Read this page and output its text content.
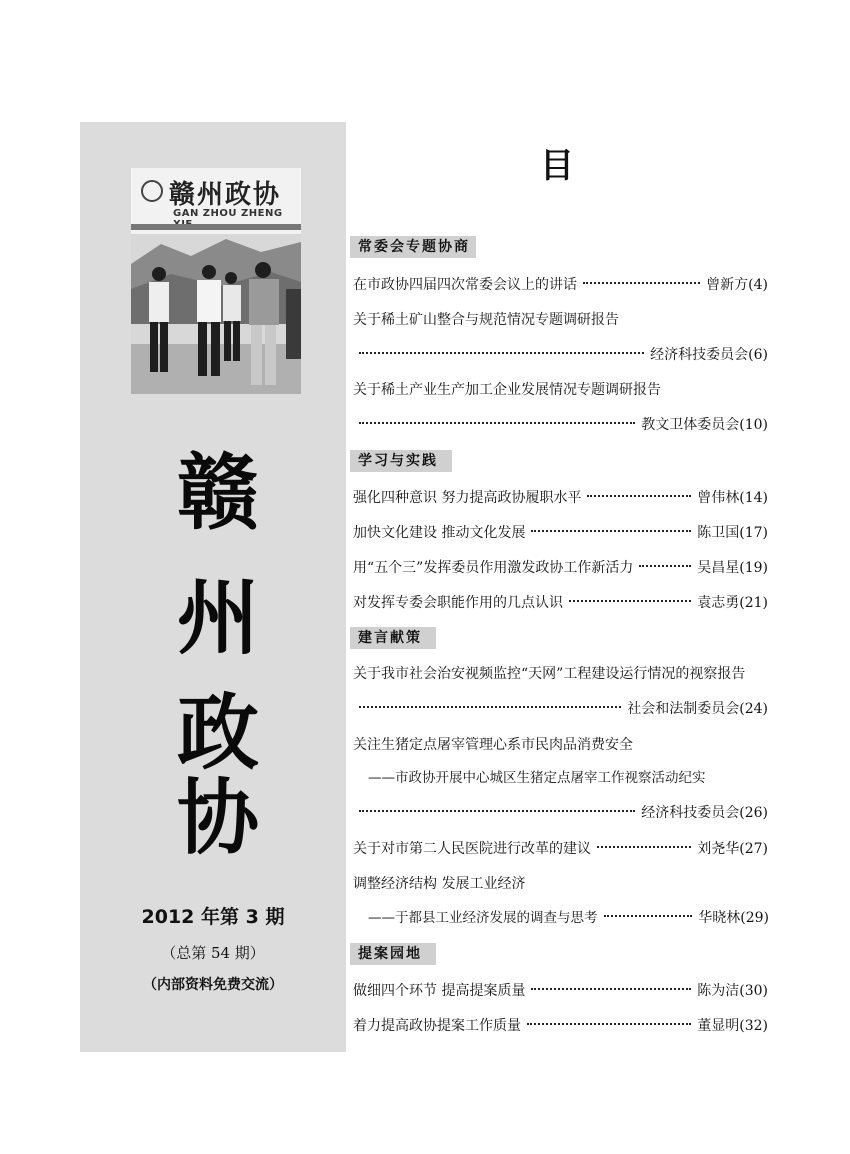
赣州政协
GAN ZHOU ZHENG
赣
州
政
协
2012 年第 3 期
（总第 54 期）
（内部资料免费交流）
目
常委会专题协商
在市政协四届四次常委会议上的讲话	曾新方(4)
关于稀土矿山整合与规范情况专题调研报告
经济科技委员会(6)
关于稀土产业生产加工企业发展情况专题调研报告
教文卫体委员会(10)
学习与实践
强化四种意识 努力提高政协履职水平	曾伟林(14)
加快文化建设 推动文化发展	陈卫国(17)
用“五个三”发挥委员作用激发政协工作新活力	吴昌星(19)
对发挥专委会职能作用的几点认识	袁志勇(21)
建言献策
关于我市社会治安视频监控“天网”工程建设运行情况的视察报告
社会和法制委员会(24)
关注生猪定点屠宰管理心系市民肉品消费安全
——市政协开展中心城区生猪定点屠宰工作视察活动纪实
经济科技委员会(26)
关于对市第二人民医院进行改革的建议	刘尧华(27)
调整经济结构 发展工业经济
——于都县工业经济发展的调查与思考	华晓林(29)
提案园地
做细四个环节 提高提案质量	陈为洁(30)
着力提高政协提案工作质量	董显明(32)
